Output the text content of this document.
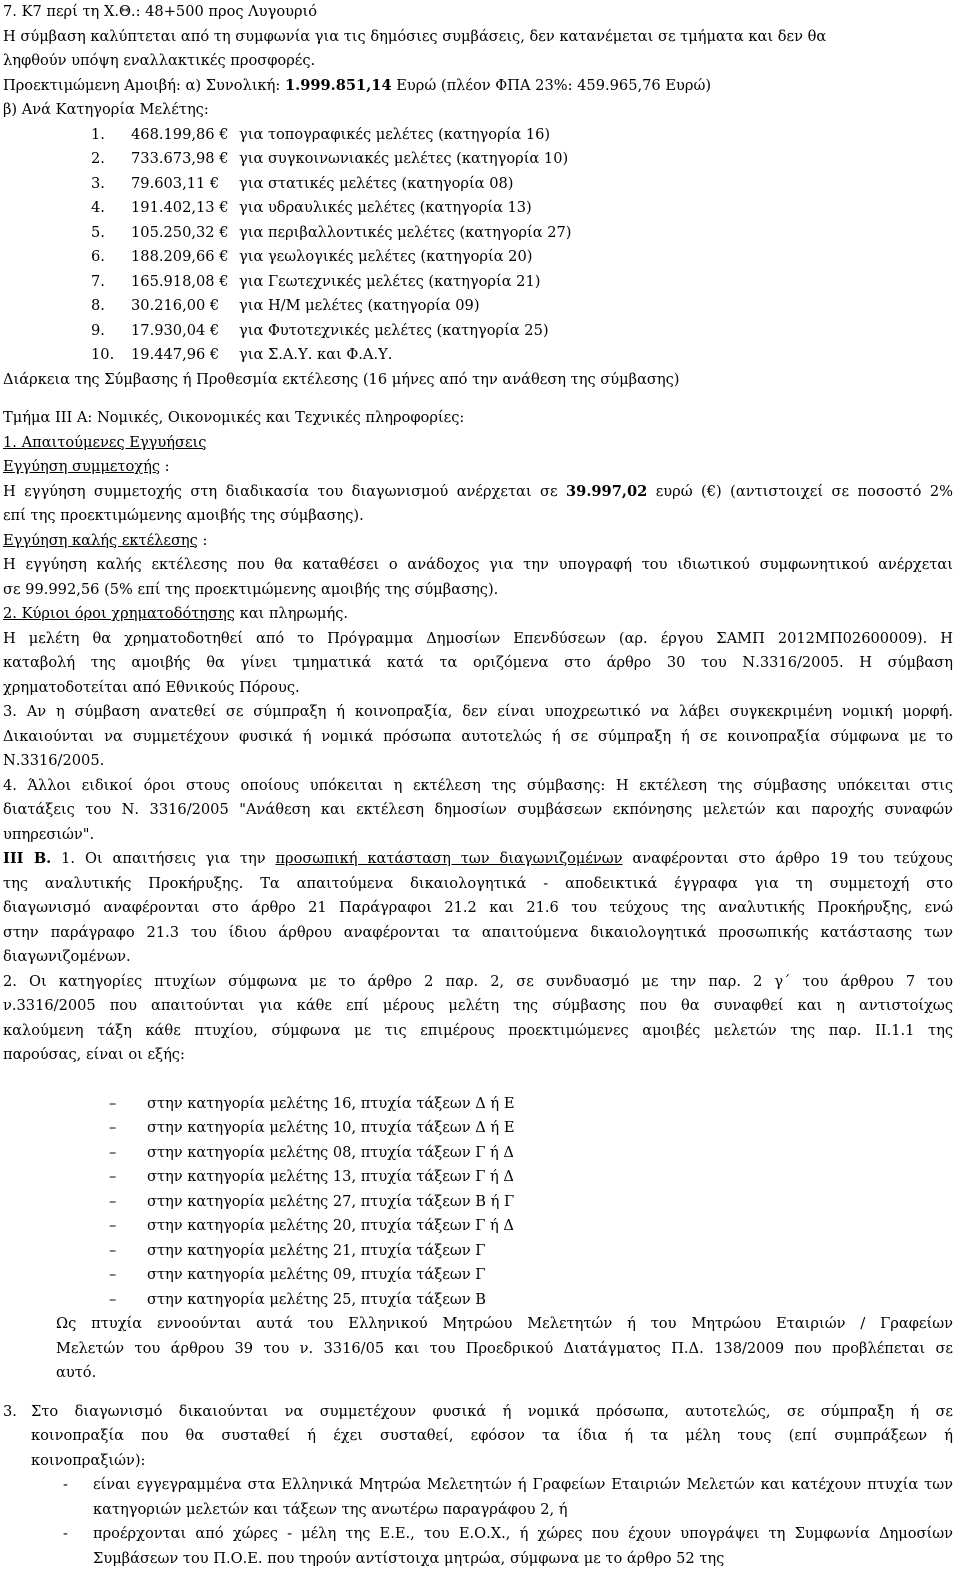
7. Κ7 περί τη Χ.Θ.: 48+500 προς Λυγουριό
Η σύμβαση καλύπτεται από τη συμφωνία για τις δημόσιες συμβάσεις, δεν κατανέμεται σε τμήματα και δεν θα
ληφθούν υπόψη εναλλακτικές προσφορές.
Προεκτιμώμενη Αμοιβή: α) Συνολική: 1.999.851,14 Ευρώ (πλέον ΦΠΑ 23%: 459.965,76 Ευρώ)
β) Ανά Κατηγορία Μελέτης:
1.	468.199,86 € για τοπογραφικές μελέτες (κατηγορία 16)
2.	733.673,98 € για συγκοινωνιακές μελέτες (κατηγορία 10)
3.	79.603,11 €	για στατικές μελέτες (κατηγορία 08)
4.	191.402,13 € για υδραυλικές μελέτες (κατηγορία 13)
5.	105.250,32 € για περιβαλλοντικές μελέτες (κατηγορία 27)
6.	188.209,66 € για γεωλογικές μελέτες (κατηγορία 20)
7.	165.918,08 € για Γεωτεχνικές μελέτες (κατηγορία 21)
8.	30.216,00 €	για Η/Μ μελέτες (κατηγορία 09)
9.	17.930,04 €	για Φυτοτεχνικές μελέτες (κατηγορία 25)
10.	19.447,96 €	για Σ.Α.Υ. και Φ.Α.Υ.
Διάρκεια της Σύμβασης ή Προθεσμία εκτέλεσης (16 μήνες από την ανάθεση της σύμβασης)
Τμήμα ΙΙΙ Α: Νομικές, Οικονομικές και Τεχνικές πληροφορίες:
1. Απαιτούμενες Εγγυήσεις
Εγγύηση συμμετοχής :
Η εγγύηση συμμετοχής στη διαδικασία του διαγωνισμού ανέρχεται σε 39.997,02 ευρώ (€) (αντιστοιχεί σε ποσοστό 2%
επί της προεκτιμώμενης αμοιβής της σύμβασης).
Εγγύηση καλής εκτέλεσης :
Η εγγύηση καλής εκτέλεσης που θα καταθέσει ο ανάδοχος για την υπογραφή του ιδιωτικού συμφωνητικού ανέρχεται
σε 99.992,56 (5% επί της προεκτιμώμενης αμοιβής της σύμβασης).
2. Κύριοι όροι χρηματοδότησης και πληρωμής.
Η μελέτη θα χρηματοδοτηθεί από το Πρόγραμμα Δημοσίων Επενδύσεων (αρ. έργου ΣΑΜΠ 2012ΜΠ02600009). Η
καταβολή της αμοιβής θα γίνει τμηματικά κατά τα οριζόμενα στο άρθρο 30 του Ν.3316/2005. Η σύμβαση
χρηματοδοτείται από Εθνικούς Πόρους.
3. Αν η σύμβαση ανατεθεί σε σύμπραξη ή κοινοπραξία, δεν είναι υποχρεωτικό να λάβει συγκεκριμένη νομική μορφή.
Δικαιούνται να συμμετέχουν φυσικά ή νομικά πρόσωπα αυτοτελώς ή σε σύμπραξη ή σε κοινοπραξία σύμφωνα με το
Ν.3316/2005.
4. Άλλοι ειδικοί όροι στους οποίους υπόκειται η εκτέλεση της σύμβασης: Η εκτέλεση της σύμβασης υπόκειται στις
διατάξεις του Ν. 3316/2005 "Ανάθεση και εκτέλεση δημοσίων συμβάσεων εκπόνησης μελετών και παροχής συναφών
υπηρεσιών".
ΙΙΙ Β. 1. Οι απαιτήσεις για την προσωπική κατάσταση των διαγωνιζομένων αναφέρονται στο άρθρο 19 του τεύχους
της αναλυτικής Προκήρυξης. Τα απαιτούμενα δικαιολογητικά - αποδεικτικά έγγραφα για τη συμμετοχή στο
διαγωνισμό αναφέρονται στο άρθρο 21 Παράγραφοι 21.2 και 21.6 του τεύχους της αναλυτικής Προκήρυξης, ενώ
στην παράγραφο 21.3 του ίδιου άρθρου αναφέρονται τα απαιτούμενα δικαιολογητικά προσωπικής κατάστασης των
διαγωνιζομένων.
2. Οι κατηγορίες πτυχίων σύμφωνα με το άρθρο 2 παρ. 2, σε συνδυασμό με την παρ. 2 γ΄ του άρθρου 7 του
ν.3316/2005 που απαιτούνται για κάθε επί μέρους μελέτη της σύμβασης που θα συναφθεί και η αντιστοίχως
καλούμενη τάξη κάθε πτυχίου, σύμφωνα με τις επιμέρους προεκτιμώμενες αμοιβές μελετών της παρ. ΙΙ.1.1 της
παρούσας, είναι οι εξής:
–	στην κατηγορία μελέτης 16, πτυχία τάξεων Δ ή Ε
–	στην κατηγορία μελέτης 10, πτυχία τάξεων Δ ή Ε
–	στην κατηγορία μελέτης 08, πτυχία τάξεων Γ ή Δ
–	στην κατηγορία μελέτης 13, πτυχία τάξεων Γ ή Δ
–	στην κατηγορία μελέτης 27, πτυχία τάξεων Β ή Γ
–	στην κατηγορία μελέτης 20, πτυχία τάξεων Γ ή Δ
–	στην κατηγορία μελέτης 21, πτυχία τάξεων Γ
–	στην κατηγορία μελέτης 09, πτυχία τάξεων Γ
–	στην κατηγορία μελέτης 25, πτυχία τάξεων Β
Ως πτυχία εννοούνται αυτά του Ελληνικού Μητρώου Μελετητών ή του Μητρώου Εταιριών / Γραφείων
Μελετών του άρθρου 39 του ν. 3316/05 και του Προεδρικού Διατάγματος Π.Δ. 138/2009 που προβλέπεται σε
αυτό.
3. Στο διαγωνισμό δικαιούνται να συμμετέχουν φυσικά ή νομικά πρόσωπα, αυτοτελώς, σε σύμπραξη ή σε
κοινοπραξία που θα συσταθεί ή έχει συσταθεί, εφόσον τα ίδια ή τα μέλη τους (επί συμπράξεων ή
κοινοπραξιών):
-	είναι εγγεγραμμένα στα Ελληνικά Μητρώα Μελετητών ή Γραφείων Εταιριών Μελετών και κατέχουν πτυχία των κατηγοριών μελετών και τάξεων της ανωτέρω παραγράφου 2, ή
-	προέρχονται από χώρες - μέλη της Ε.Ε., του Ε.Ο.Χ., ή χώρες που έχουν υπογράψει τη Συμφωνία Δημοσίων Συμβάσεων του Π.Ο.Ε. που τηρούν αντίστοιχα μητρώα, σύμφωνα με το άρθρο 52 της
